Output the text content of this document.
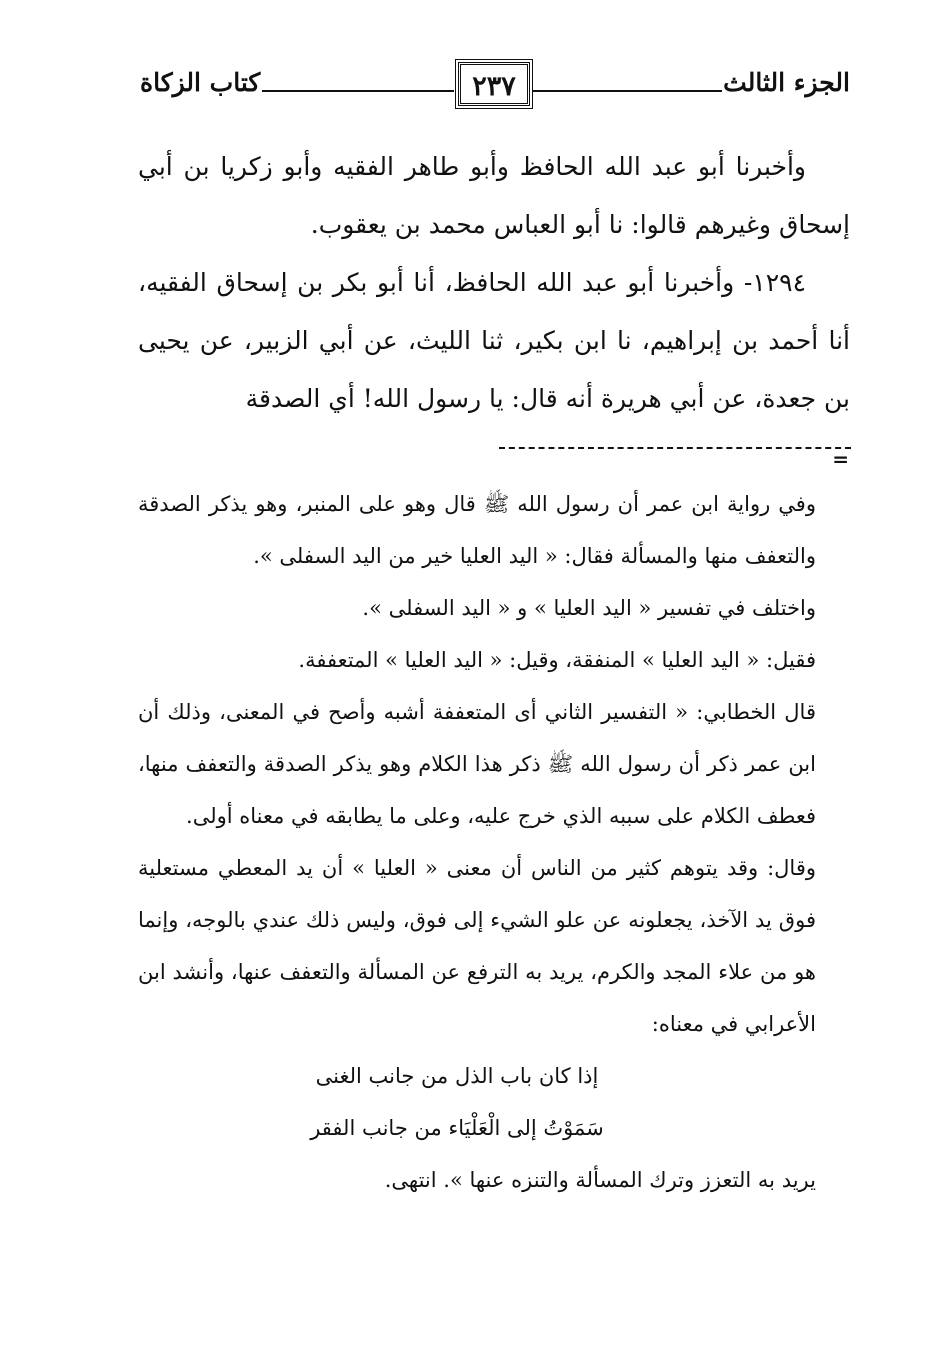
الجزء الثالث
٢٣٧
كتاب الزكاة

وأخبرنا أبو عبد الله الحافظ وأبو طاهر الفقيه وأبو زكريا بن أبي إسحاق وغيرهم قالوا: نا أبو العباس محمد بن يعقوب.

١٢٩٤- وأخبرنا أبو عبد الله الحافظ، أنا أبو بكر بن إسحاق الفقيه، أنا أحمد بن إبراهيم، نا ابن بكير، ثنا الليث، عن أبي الزبير، عن يحيى بن جعدة، عن أبي هريرة أنه قال: يا رسول الله! أي الصدقة

=

وفي رواية ابن عمر أن رسول الله ﷺ قال وهو على المنبر، وهو يذكر الصدقة والتعفف منها والمسألة فقال: « اليد العليا خير من اليد السفلى ».

واختلف في تفسير « اليد العليا » و « اليد السفلى ».

فقيل: « اليد العليا » المنفقة، وقيل: « اليد العليا » المتعففة.

قال الخطابي: « التفسير الثاني أى المتعففة أشبه وأصح في المعنى، وذلك أن ابن عمر ذكر أن رسول الله ﷺ ذكر هذا الكلام وهو يذكر الصدقة والتعفف منها، فعطف الكلام على سببه الذي خرج عليه، وعلى ما يطابقه في معناه أولى.

وقال: وقد يتوهم كثير من الناس أن معنى « العليا » أن يد المعطي مستعلية فوق يد الآخذ، يجعلونه عن علو الشيء إلى فوق، وليس ذلك عندي بالوجه، وإنما هو من علاء المجد والكرم، يريد به الترفع عن المسألة والتعفف عنها، وأنشد ابن الأعرابي في معناه:

إذا كان باب الذل من جانب الغنى
سَمَوْتُ إلى الْعَلْيَاء من جانب الفقر

يريد به التعزز وترك المسألة والتنزه عنها ». انتهى.
